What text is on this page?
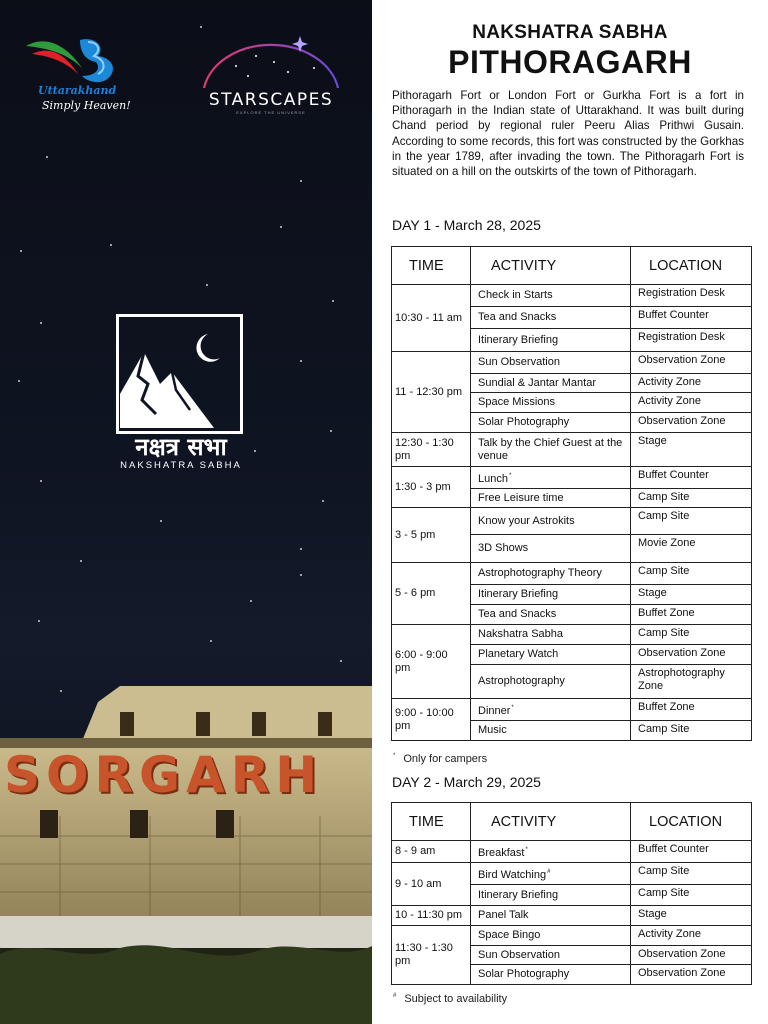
Uttarakhand
Simply Heaven!	STARSCAPES
EXPLORE THE UNIVERSE
नक्षत्र सभा
NAKSHATRA SABHA
SORGARH
NAKSHATRA SABHA
PITHORAGARH

Pithoragarh Fort or London Fort or Gurkha Fort is a fort in Pithoragarh in the Indian state of Uttarakhand. It was built during Chand period by regional ruler Peeru Alias Prithwi Gusain. According to some records, this fort was constructed by the Gorkhas in the year 1789, after invading the town. The Pithoragarh Fort is situated on a hill on the outskirts of the town of Pithoragarh.

DAY 1 - March 28, 2025
TIME	ACTIVITY	LOCATION
10:30 - 11 am	Check in Starts	Registration Desk
	Tea and Snacks	Buffet Counter
	Itinerary Briefing	Registration Desk
11 - 12:30 pm	Sun Observation	Observation Zone
	Sundial & Jantar Mantar	Activity Zone
	Space Missions	Activity Zone
	Solar Photography	Observation Zone
12:30 - 1:30 pm	Talk by the Chief Guest at the venue	Stage
1:30 - 3 pm	Lunch*	Buffet Counter
	Free Leisure time	Camp Site
3 - 5 pm	Know your Astrokits	Camp Site
	3D Shows	Movie Zone
5 - 6 pm	Astrophotography Theory	Camp Site
	Itinerary Briefing	Stage
	Tea and Snacks	Buffet Zone
6:00 - 9:00 pm	Nakshatra Sabha	Camp Site
	Planetary Watch	Observation Zone
	Astrophotography	Astrophotography Zone
9:00 - 10:00 pm	Dinner*	Buffet Zone
	Music	Camp Site
* Only for campers
DAY 2 - March 29, 2025
TIME	ACTIVITY	LOCATION
8 - 9 am	Breakfast*	Buffet Counter
9 - 10 am	Bird Watching#	Camp Site
	Itinerary Briefing	Camp Site
10 - 11:30 pm	Panel Talk	Stage
11:30 - 1:30 pm	Space Bingo	Activity Zone
	Sun Observation	Observation Zone
	Solar Photography	Observation Zone
# Subject to availability
